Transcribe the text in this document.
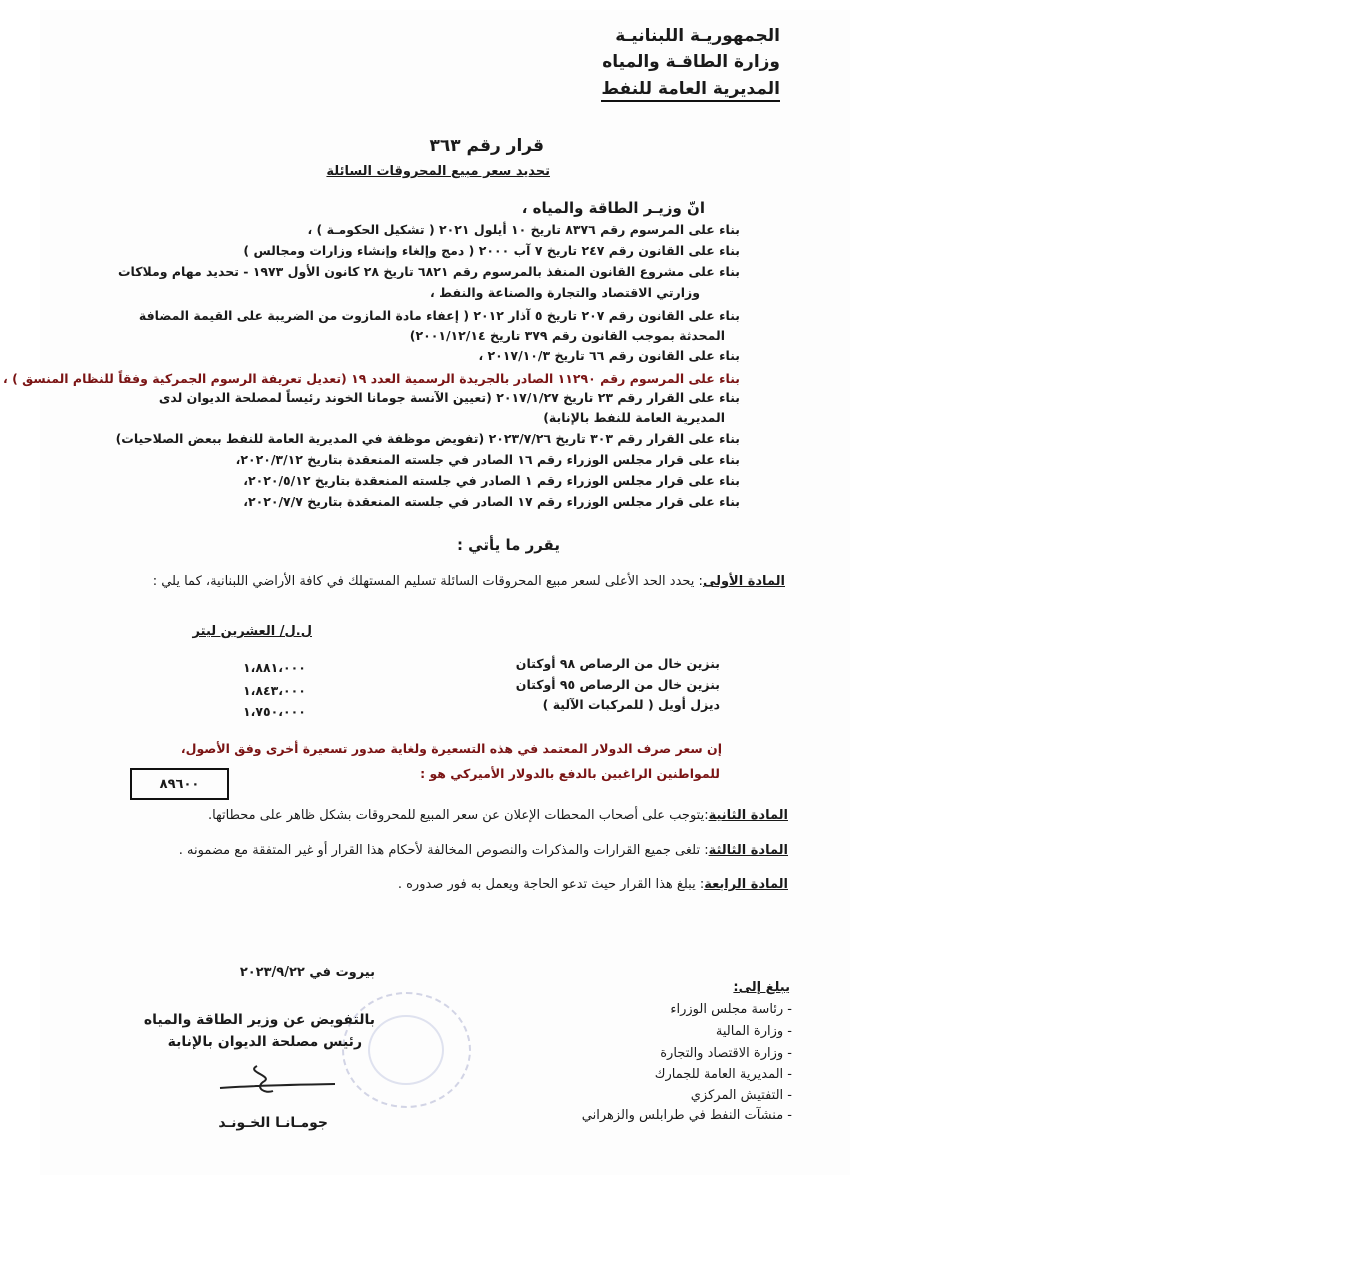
الجمهوريـة اللبنانيـة
وزارة الطاقـة والمياه
المديرية العامة للنفط
قرار رقم ٣٦٣
تحديد سعر مبيع المحروقات السائلة
انّ وزيـر الطاقة والمياه ،
بناء على المرسوم رقم ٨٣٧٦ تاريخ ١٠ أيلول ٢٠٢١ ( تشكيل الحكومـة ) ،
بناء على القانون رقم ٢٤٧ تاريخ ٧ آب ٢٠٠٠ ( دمج وإلغاء وإنشاء وزارات ومجالس )
بناء على مشروع القانون المنفذ بالمرسوم رقم ٦٨٢١ تاريخ ٢٨ كانون الأول ١٩٧٣ - تحديد مهام وملاكات
وزارتي الاقتصاد والتجارة والصناعة والنفط ،
بناء على القانون رقم ٢٠٧ تاريخ ٥ آذار ٢٠١٢ ( إعفاء مادة المازوت من الضريبة على القيمة المضافة
المحدثة بموجب القانون رقم ٣٧٩ تاريخ ٢٠٠١/١٢/١٤)
بناء على القانون رقم ٦٦ تاريخ ٢٠١٧/١٠/٣ ،
بناء على المرسوم رقم ١١٢٩٠ الصادر بالجريدة الرسمية العدد ١٩ (تعديل تعريفة الرسوم الجمركية وفقاً للنظام المنسق ) ،
بناء على القرار رقم ٢٣ تاريخ ٢٠١٧/١/٢٧ (تعيين الآنسة جومانا الخوند رئيساً لمصلحة الديوان لدى
المديرية العامة للنفط بالإنابة)
بناء على القرار رقم ٣٠٣ تاريخ ٢٠٢٣/٧/٢٦ (تفويض موظفة في المديرية العامة للنفط ببعض الصلاحيات)
بناء على قرار مجلس الوزراء رقم ١٦ الصادر في جلسته المنعقدة بتاريخ ٢٠٢٠/٣/١٢،
بناء على قرار مجلس الوزراء رقم ١ الصادر في جلسته المنعقدة بتاريخ ٢٠٢٠/٥/١٢،
بناء على قرار مجلس الوزراء رقم ١٧ الصادر في جلسته المنعقدة بتاريخ ٢٠٢٠/٧/٧،
يقرر ما يأتي :
المادة الأولى: يحدد الحد الأعلى لسعر مبيع المحروقات السائلة تسليم المستهلك في كافة الأراضي اللبنانية، كما يلي :
ل.ل/ العشرين ليتر
بنزين خال من الرصاص ٩٨ أوكتان
١،٨٨١،٠٠٠
بنزين خال من الرصاص ٩٥ أوكتان
١،٨٤٣،٠٠٠
ديزل أويل ( للمركبات الآلية )
١،٧٥٠،٠٠٠
إن سعر صرف الدولار المعتمد في هذه التسعيرة ولغاية صدور تسعيرة أخرى وفق الأصول،
للمواطنين الراغبين بالدفع بالدولار الأميركي هو :
٨٩٦٠٠
المادة الثانية:يتوجب على أصحاب المحطات الإعلان عن سعر المبيع للمحروقات بشكل ظاهر على محطاتها.
المادة الثالثة: تلغى جميع القرارات والمذكرات والنصوص المخالفة لأحكام هذا القرار أو غير المتفقة مع مضمونه .
المادة الرابعة: يبلغ هذا القرار حيث تدعو الحاجة ويعمل به فور صدوره .
بيروت في ٢٠٢٣/٩/٢٢
بالتفويض عن وزير الطاقة والمياه
رئيس مصلحة الديوان بالإنابة
جومـانـا الخـونـد
يبلغ إلى:
- رئاسة مجلس الوزراء
- وزارة المالية
- وزارة الاقتصاد والتجارة
- المديرية العامة للجمارك
- التفتيش المركزي
- منشآت النفط في طرابلس والزهراني
